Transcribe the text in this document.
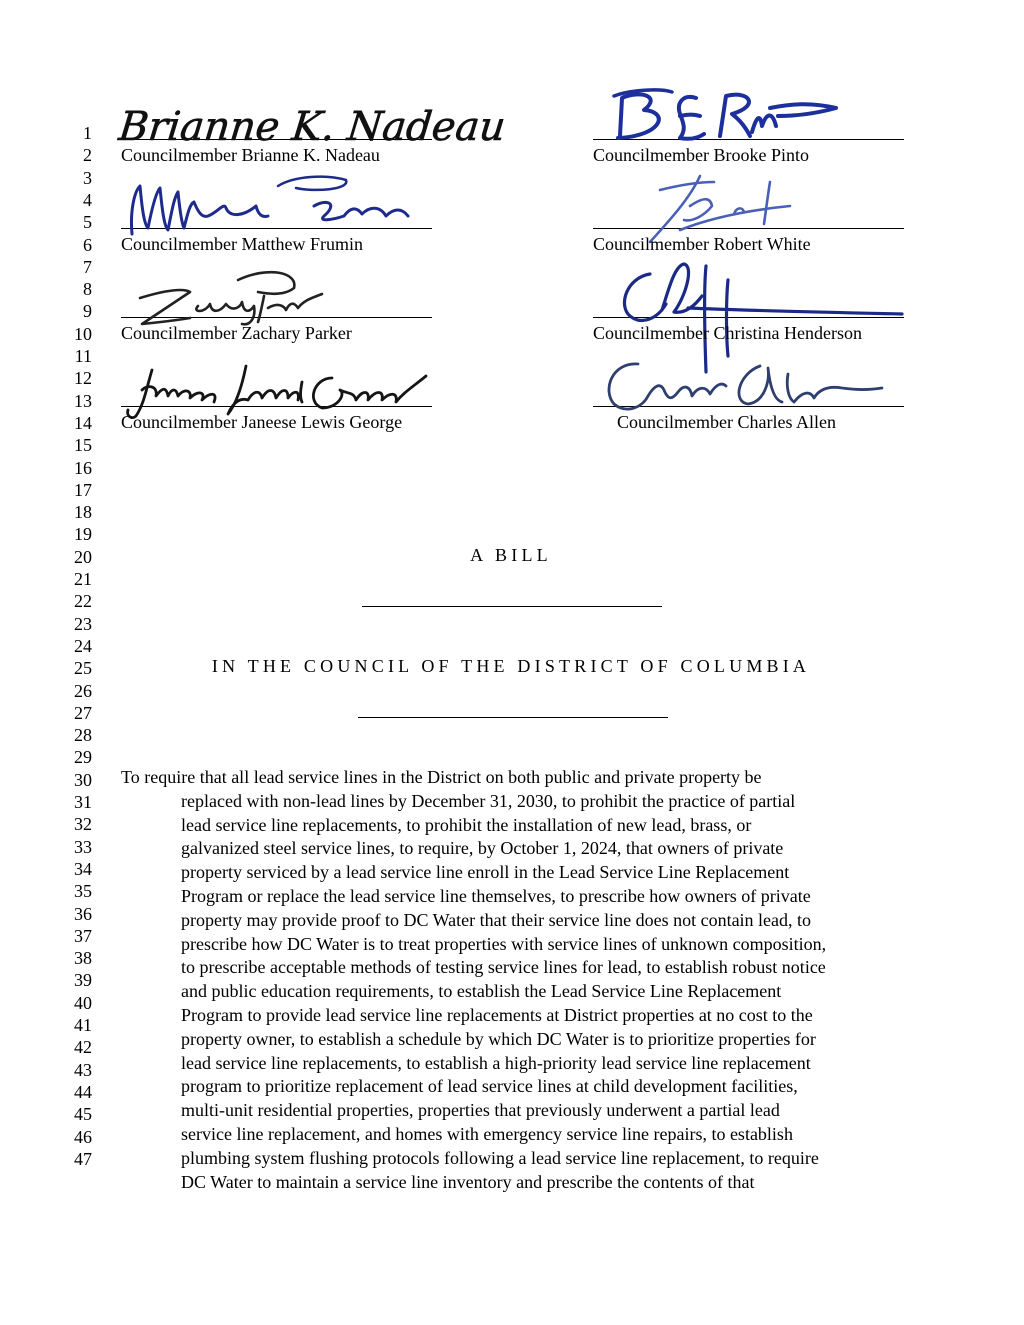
1
2
3
4
5
6
7
8
9
10
11
12
13
14
15
16
17
18
19
20
21
22
23
24
25
26
27
28
29
30
31
32
33
34
35
36
37
38
39
40
41
42
43
44
45
46
47
Brianne K. Nadeau
Councilmember Brianne K. Nadeau	Councilmember Brooke Pinto
Councilmember Matthew Frumin	Councilmember Robert White
Councilmember Zachary Parker	Councilmember Christina Henderson
Councilmember Janeese Lewis George	Councilmember Charles Allen
A BILL
IN THE COUNCIL OF THE DISTRICT OF COLUMBIA
To require that all lead service lines in the District on both public and private property be
replaced with non-lead lines by December 31, 2030, to prohibit the practice of partial
lead service line replacements, to prohibit the installation of new lead, brass, or
galvanized steel service lines, to require, by October 1, 2024, that owners of private
property serviced by a lead service line enroll in the Lead Service Line Replacement
Program or replace the lead service line themselves, to prescribe how owners of private
property may provide proof to DC Water that their service line does not contain lead, to
prescribe how DC Water is to treat properties with service lines of unknown composition,
to prescribe acceptable methods of testing service lines for lead, to establish robust notice
and public education requirements, to establish the Lead Service Line Replacement
Program to provide lead service line replacements at District properties at no cost to the
property owner, to establish a schedule by which DC Water is to prioritize properties for
lead service line replacements, to establish a high-priority lead service line replacement
program to prioritize replacement of lead service lines at child development facilities,
multi-unit residential properties, properties that previously underwent a partial lead
service line replacement, and homes with emergency service line repairs, to establish
plumbing system flushing protocols following a lead service line replacement, to require
DC Water to maintain a service line inventory and prescribe the contents of that
